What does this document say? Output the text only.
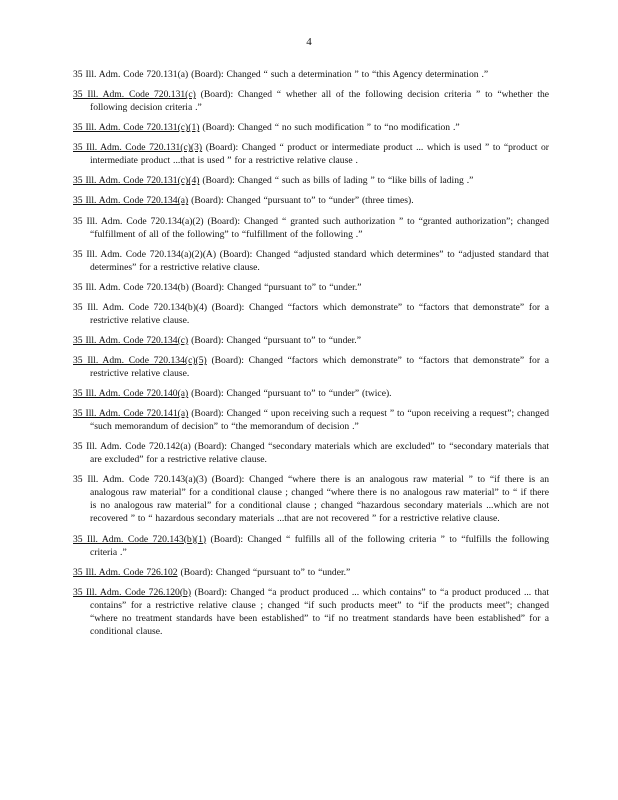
4
35 Ill. Adm. Code 720.131(a) (Board): Changed “ such a determination ” to “this Agency determination .”
35 Ill. Adm. Code 720.131(c) (Board): Changed “ whether all of the following decision criteria ” to “whether the following decision criteria .”
35 Ill. Adm. Code 720.131(c)(1) (Board): Changed “ no such modification ” to “no modification .”
35 Ill. Adm. Code 720.131(c)(3) (Board): Changed “ product or intermediate product ... which is used ” to “product or intermediate product ...that is used ” for a restrictive relative clause .
35 Ill. Adm. Code 720.131(c)(4) (Board): Changed “ such as bills of lading ” to “like bills of lading .”
35 Ill. Adm. Code 720.134(a) (Board): Changed “pursuant to” to “under” (three times).
35 Ill. Adm. Code 720.134(a)(2) (Board): Changed “ granted such authorization ” to “granted authorization”; changed “fulfillment of all of the following” to “fulfillment of the following .”
35 Ill. Adm. Code 720.134(a)(2)(A) (Board): Changed “adjusted standard which determines” to “adjusted standard that determines” for a restrictive relative clause.
35 Ill. Adm. Code 720.134(b) (Board): Changed “pursuant to” to “under.”
35 Ill. Adm. Code 720.134(b)(4) (Board): Changed “factors which demonstrate” to “factors that demonstrate” for a restrictive relative clause.
35 Ill. Adm. Code 720.134(c) (Board): Changed “pursuant to” to “under.”
35 Ill. Adm. Code 720.134(c)(5) (Board): Changed “factors which demonstrate” to “factors that demonstrate” for a restrictive relative clause.
35 Ill. Adm. Code 720.140(a) (Board): Changed “pursuant to” to “under” (twice).
35 Ill. Adm. Code 720.141(a) (Board): Changed “ upon receiving such a request ” to “upon receiving a request”; changed “such memorandum of decision” to “the memorandum of decision .”
35 Ill. Adm. Code 720.142(a) (Board): Changed “secondary materials which are excluded” to “secondary materials that are excluded” for a restrictive relative clause.
35 Ill. Adm. Code 720.143(a)(3) (Board): Changed “where there is an analogous raw material ” to “if there is an analogous raw material” for a conditional clause ; changed “where there is no analogous raw material” to “ if there is no analogous raw material” for a conditional clause ; changed “hazardous secondary materials ...which are not recovered ” to “ hazardous secondary materials ...that are not recovered ” for a restrictive relative clause.
35 Ill. Adm. Code 720.143(b)(1) (Board): Changed “ fulfills all of the following criteria ” to “fulfills the following criteria .”
35 Ill. Adm. Code 726.102 (Board): Changed “pursuant to” to “under.”
35 Ill. Adm. Code 726.120(b) (Board): Changed “a product produced ... which contains” to “a product produced ... that contains” for a restrictive relative clause ; changed “if such products meet” to “if the products meet”; changed “where no treatment standards have been established” to “if no treatment standards have been established” for a conditional clause.
